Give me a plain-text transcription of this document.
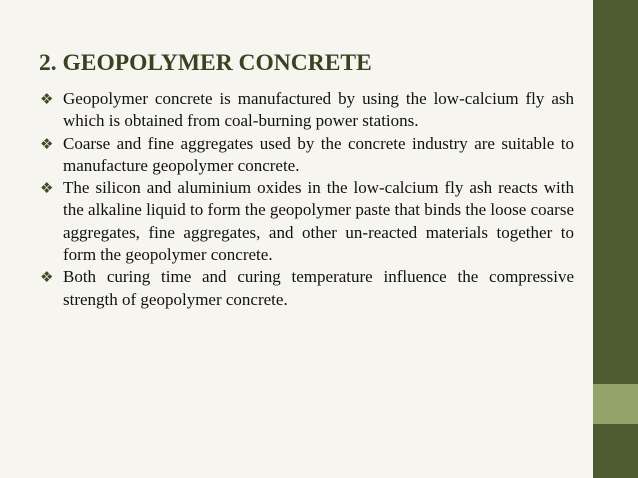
2. GEOPOLYMER CONCRETE
❖ Geopolymer concrete is manufactured by using the low-calcium fly ash which is obtained from coal-burning power stations.
❖ Coarse and fine aggregates used by the concrete industry are suitable to manufacture geopolymer concrete.
❖ The silicon and aluminium oxides in the low-calcium fly ash reacts with the alkaline liquid to form the geopolymer paste that binds the loose coarse aggregates, fine aggregates, and other un-reacted materials together to form the geopolymer concrete.
❖ Both curing time and curing temperature influence the compressive strength of geopolymer concrete.
